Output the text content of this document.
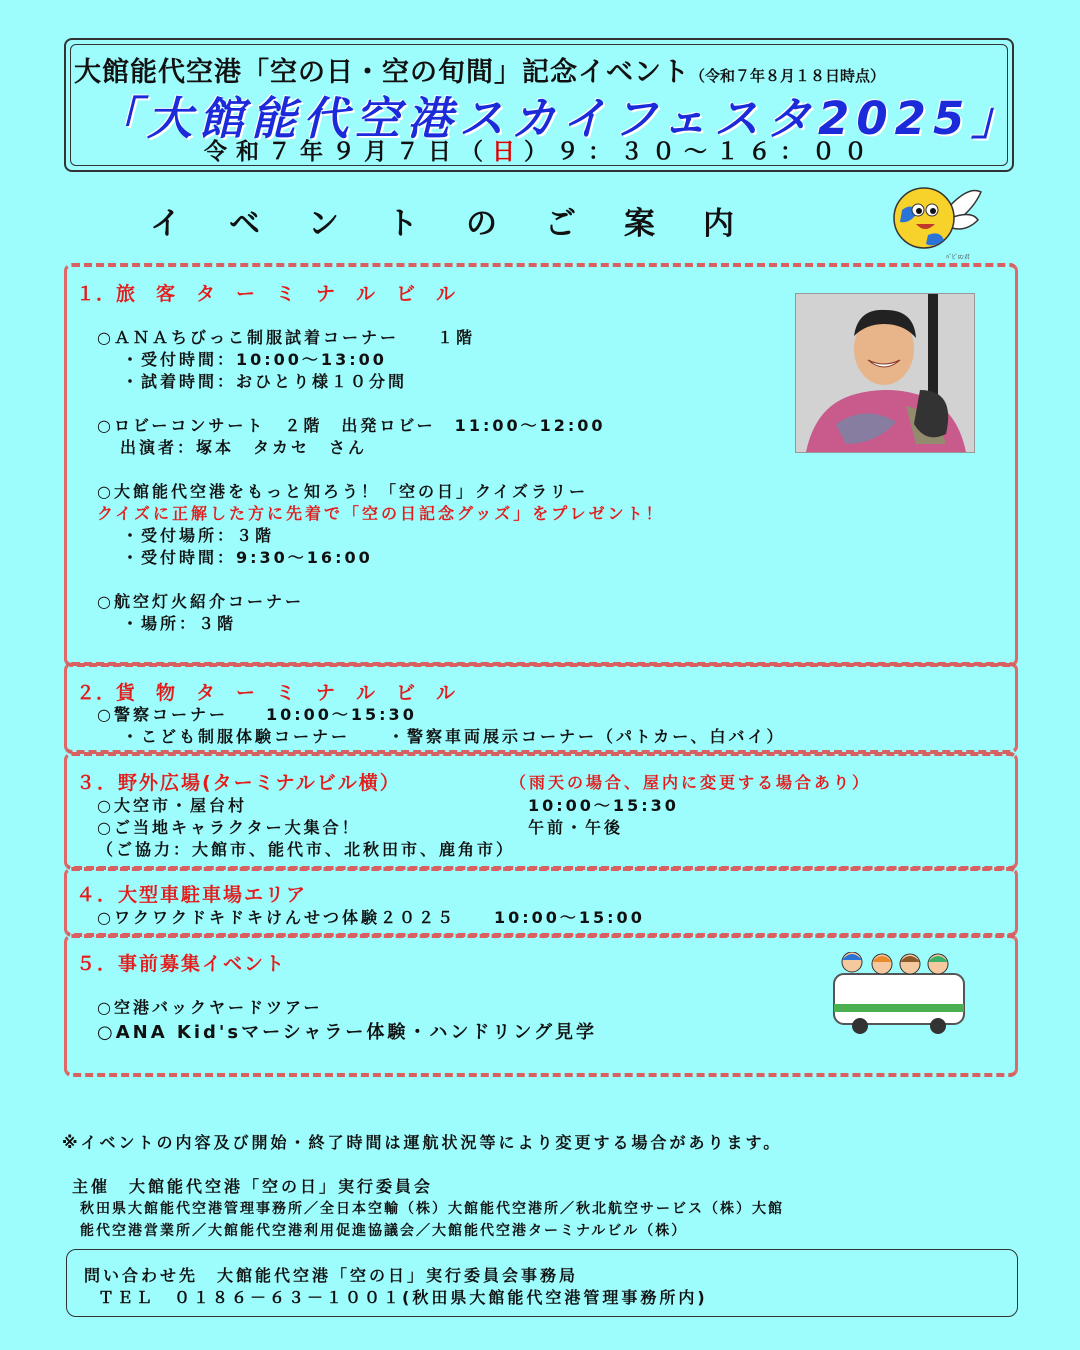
大館能代空港「空の日・空の旬間」記念イベント（令和７年８月１８日時点）
「大館能代空港スカイフェスタ2025」
令和７年９月７日（日）９：３０～１６：００
イベントのご案内
ﾊﾞﾋﾞﾛﾝ君
１．旅　客　タ　ー　ミ　ナ　ル　ビ　ル
○ＡＮＡちびっこ制服試着コーナー　　１階
・受付時間：10:00～13:00
・試着時間：おひとり様１０分間
○ロビーコンサート　２階　出発ロビー　11:00～12:00
出演者：塚本　タカセ　さん
○大館能代空港をもっと知ろう！「空の日」クイズラリー
クイズに正解した方に先着で「空の日記念グッズ」をプレゼント！
・受付場所：３階
・受付時間：9:30～16:00
○航空灯火紹介コーナー
・場所：３階
２．貨　物　タ　ー　ミ　ナ　ル　ビ　ル
○警察コーナー　　10:00～15:30
・こども制服体験コーナー　　・警察車両展示コーナー（パトカー、白バイ）
３．野外広場(ターミナルビル横）	（雨天の場合、屋内に変更する場合あり）
○大空市・屋台村	10:00～15:30
○ご当地キャラクター大集合！	午前・午後
（ご協力：大館市、能代市、北秋田市、鹿角市）
４．大型車駐車場エリア
○ワクワクドキドキけんせつ体験２０２５　　10:00～15:00
５．事前募集イベント
○空港バックヤードツアー
○ANA Kid'sマーシャラー体験・ハンドリング見学
※イベントの内容及び開始・終了時間は運航状況等により変更する場合があります。
主催　大館能代空港「空の日」実行委員会
秋田県大館能代空港管理事務所／全日本空輸（株）大館能代空港所／秋北航空サービス（株）大館
能代空港営業所／大館能代空港利用促進協議会／大館能代空港ターミナルビル（株）
問い合わせ先　大館能代空港「空の日」実行委員会事務局
ＴＥＬ　０１８６－６３－１００１(秋田県大館能代空港管理事務所内)
